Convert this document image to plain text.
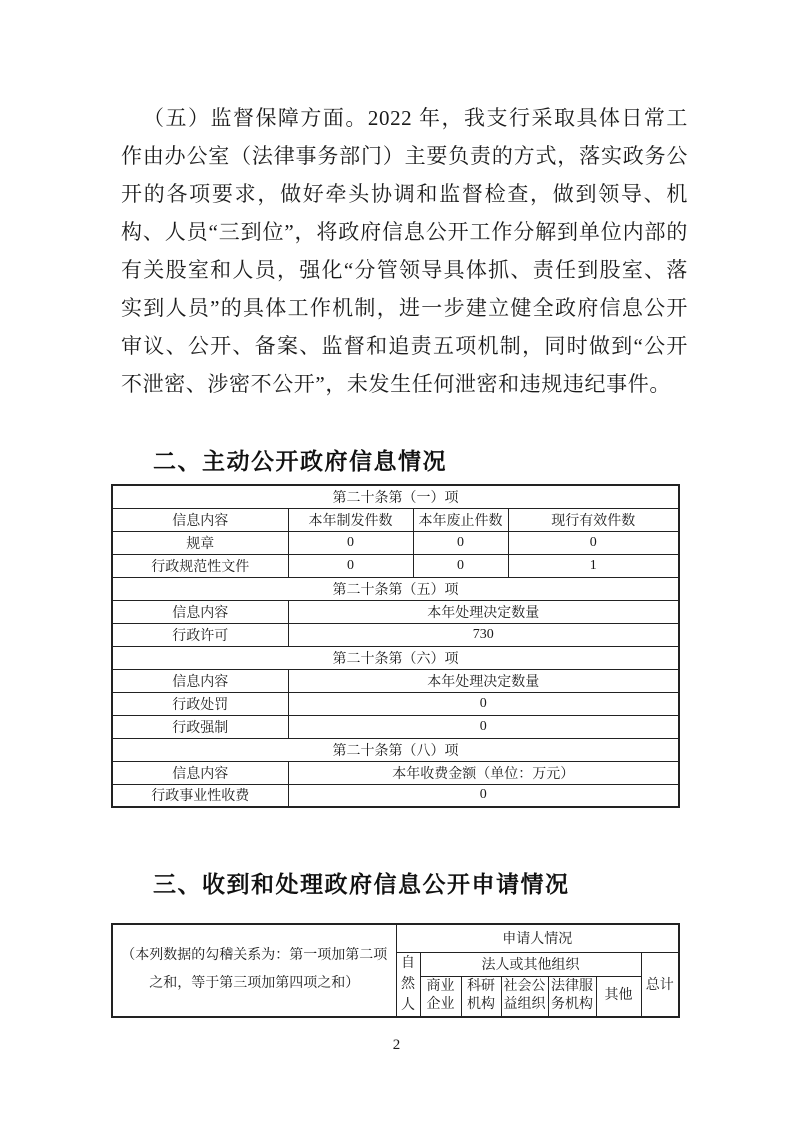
（五）监督保障方面。2022 年，我支行采取具体日常工作由办公室（法律事务部门）主要负责的方式，落实政务公开的各项要求，做好牵头协调和监督检查，做到领导、机构、人员“三到位”，将政府信息公开工作分解到单位内部的有关股室和人员，强化“分管领导具体抓、责任到股室、落实到人员”的具体工作机制，进一步建立健全政府信息公开审议、公开、备案、监督和追责五项机制，同时做到“公开不泄密、涉密不公开”，未发生任何泄密和违规违纪事件。

二、主动公开政府信息情况
第二十条第（一）项			
信息内容	本年制发件数	本年废止件数	现行有效件数
规章	0	0	0
行政规范性文件	0	0	1
第二十条第（五）项			
信息内容	本年处理决定数量		
行政许可	730		
第二十条第（六）项			
信息内容	本年处理决定数量		
行政处罚	0		
行政强制	0		
第二十条第（八）项			
信息内容	本年收费金额（单位：万元）		
行政事业性收费	0		
三、收到和处理政府信息公开申请情况
（本列数据的勾稽关系为：第一项加第二项之和，等于第三项加第四项之和）	申请人情况						
	自然人	法人或其他组织					总计
		商业企业	科研机构	社会公益组织	法律服务机构	其他	
2
